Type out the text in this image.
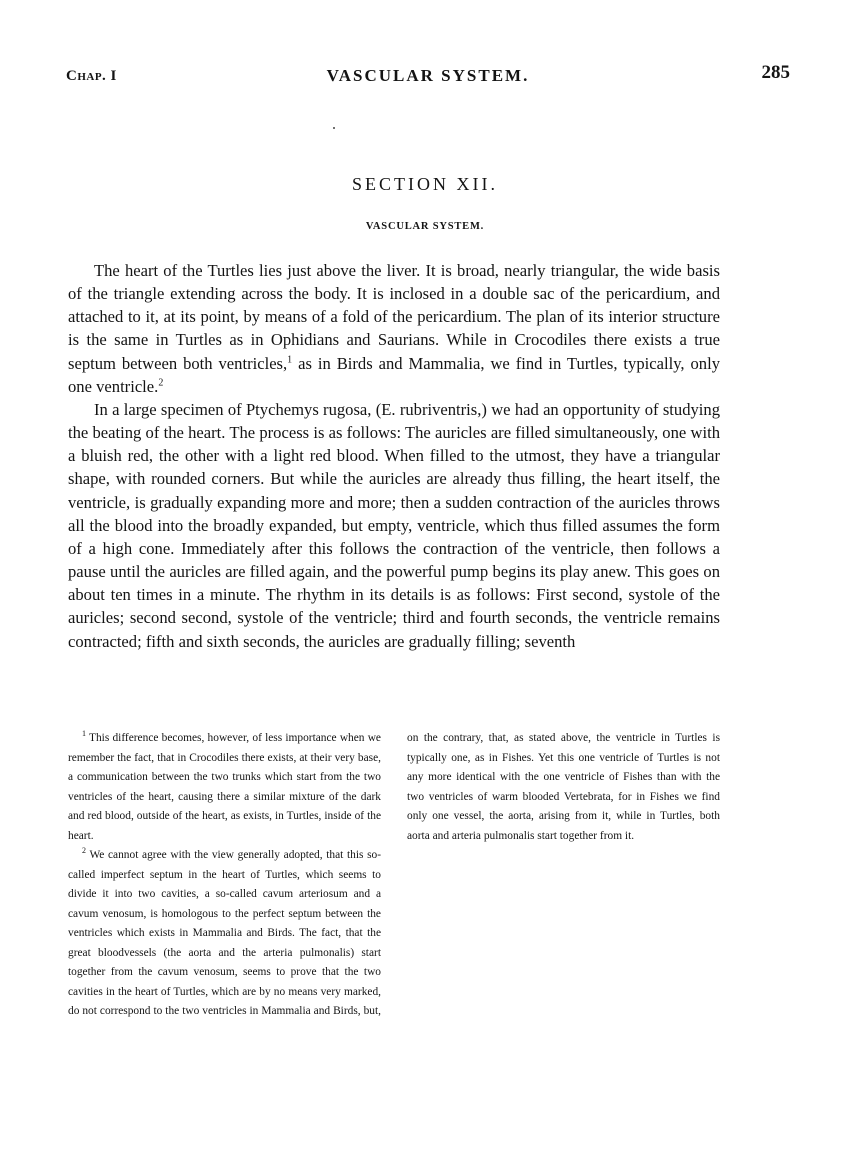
Chap. I	VASCULAR SYSTEM.	285
SECTION XII.
VASCULAR SYSTEM.

The heart of the Turtles lies just above the liver. It is broad, nearly triangular, the wide basis of the triangle extending across the body. It is inclosed in a double sac of the pericardium, and attached to it, at its point, by means of a fold of the pericardium. The plan of its interior structure is the same in Turtles as in Ophidians and Saurians. While in Crocodiles there exists a true septum between both ventricles,$^1$ as in Birds and Mammalia, we find in Turtles, typically, only one ventricle.$^2$

In a large specimen of Ptychemys rugosa, (E. rubriventris,) we had an opportunity of studying the beating of the heart. The process is as follows: The auricles are filled simultaneously, one with a bluish red, the other with a light red blood. When filled to the utmost, they have a triangular shape, with rounded corners. But while the auricles are already thus filling, the heart itself, the ventricle, is gradually expanding more and more; then a sudden contraction of the auricles throws all the blood into the broadly expanded, but empty, ventricle, which thus filled assumes the form of a high cone. Immediately after this follows the contraction of the ventricle, then follows a pause until the auricles are filled again, and the powerful pump begins its play anew. This goes on about ten times in a minute. The rhythm in its details is as follows: First second, systole of the auricles; second second, systole of the ventricle; third and fourth seconds, the ventricle remains contracted; fifth and sixth seconds, the auricles are gradually filling; seventh

$^1$ This difference becomes, however, of less importance when we remember the fact, that in Crocodiles there exists, at their very base, a communication between the two trunks which start from the two ventricles of the heart, causing there a similar mixture of the dark and red blood, outside of the heart, as exists, in Turtles, inside of the heart.

$^2$ We cannot agree with the view generally adopted, that this so-called imperfect septum in the heart of Turtles, which seems to divide it into two cavities, a so-called cavum arteriosum and a cavum venosum, is homologous to the perfect septum between the ventricles which exists in Mammalia and Birds. The fact, that the great bloodvessels (the aorta and the arteria pulmonalis) start together from the cavum venosum, seems to prove that the two cavities in the heart of Turtles, which are by no means very marked, do not correspond to the two ventricles in Mammalia and Birds, but, on the contrary, that, as stated above, the ventricle in Turtles is typically one, as in Fishes. Yet this one ventricle of Turtles is not any more identical with the one ventricle of Fishes than with the two ventricles of warm blooded Vertebrata, for in Fishes we find only one vessel, the aorta, arising from it, while in Turtles, both aorta and arteria pulmonalis start together from it.
